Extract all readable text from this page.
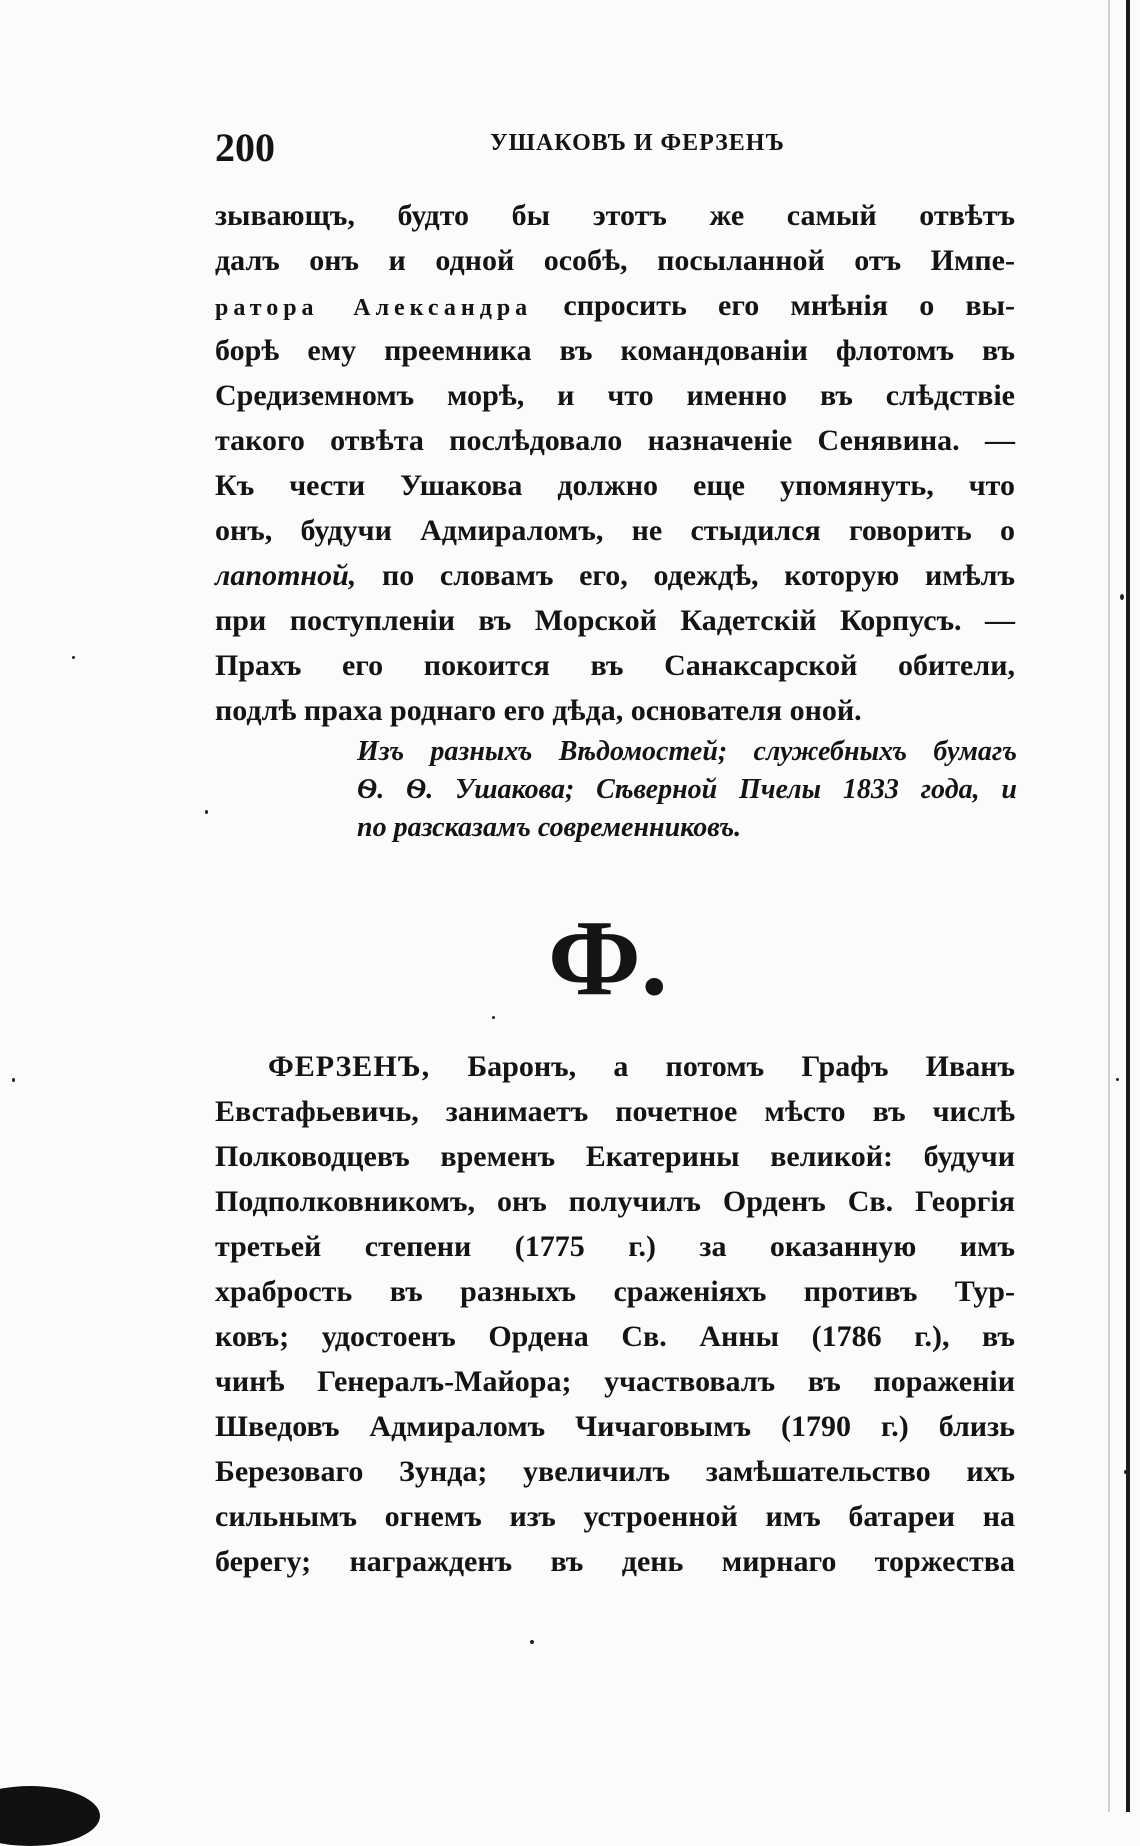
200	УШАКОВЪ И ФЕРЗЕНЪ
зывающъ, будто бы этотъ же самый отвѣтъ
далъ онъ и одной особѣ, посыланной отъ Импе-
ратора Александра спросить его мнѣнія о вы-
борѣ ему преемника въ командованіи флотомъ въ
Средиземномъ морѣ, и что именно въ слѣдствіе
такого отвѣта послѣдовало назначеніе Сенявина. —
Къ чести Ушакова должно еще упомянуть, что
онъ, будучи Адмираломъ, не стыдился говорить о
лапотной, по словамъ его, одеждѣ, которую имѣлъ
при поступленіи въ Морской Кадетскій Корпусъ. —
Прахъ его покоится въ Санаксарской обители,
подлѣ праха роднаго его дѣда, основателя оной.
Изъ разныхъ Вѣдомостей; служебныхъ бумагъ
Ѳ. Ѳ. Ушакова; Сѣверной Пчелы 1833 года, и
по разсказамъ современниковъ.
Ф.
ФЕРЗЕНЪ, Баронъ, а потомъ Графъ Иванъ
Евстафьевичь, занимаетъ почетное мѣсто въ числѣ
Полководцевъ временъ Екатерины великой: будучи
Подполковникомъ, онъ получилъ Орденъ Св. Георгія
третьей степени (1775 г.) за оказанную имъ
храбрость въ разныхъ сраженіяхъ противъ Тур-
ковъ; удостоенъ Ордена Св. Анны (1786 г.), въ
чинѣ Генералъ-Майора; участвовалъ въ пораженіи
Шведовъ Адмираломъ Чичаговымъ (1790 г.) близь
Березоваго Зунда; увеличилъ замѣшательство ихъ
сильнымъ огнемъ изъ устроенной имъ батареи на
берегу; награжденъ въ день мирнаго торжества
